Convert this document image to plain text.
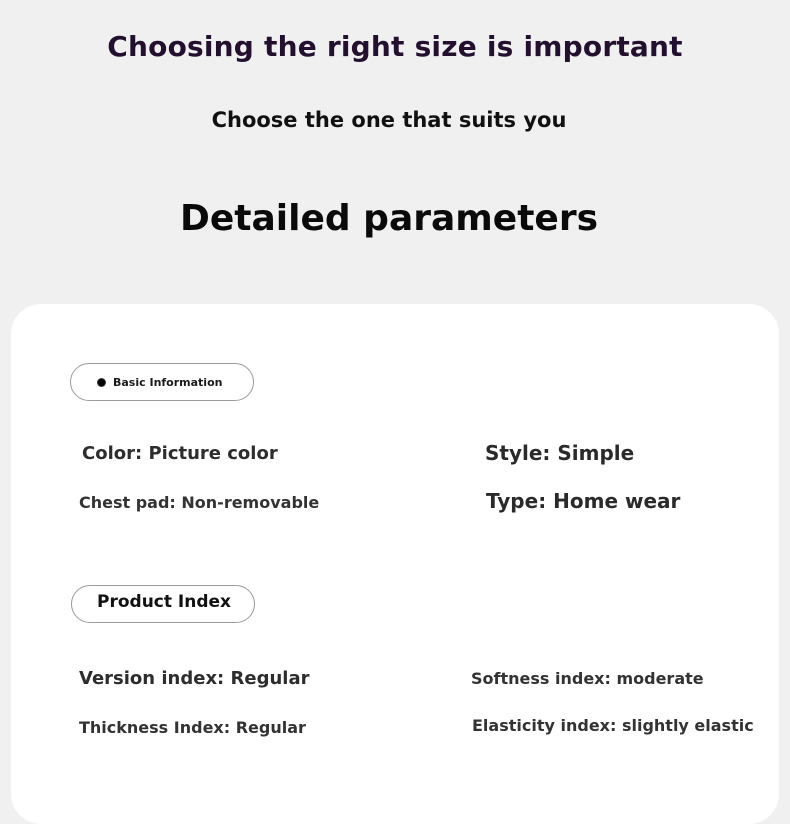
Choosing the right size is important
Choose the one that suits you
Detailed parameters
Basic Information

Color: Picture color	Style: Simple

Chest pad: Non-removable	Type: Home wear

Product Index

Version index: Regular	Softness index: moderate

Thickness Index: Regular	Elasticity index: slightly elastic
